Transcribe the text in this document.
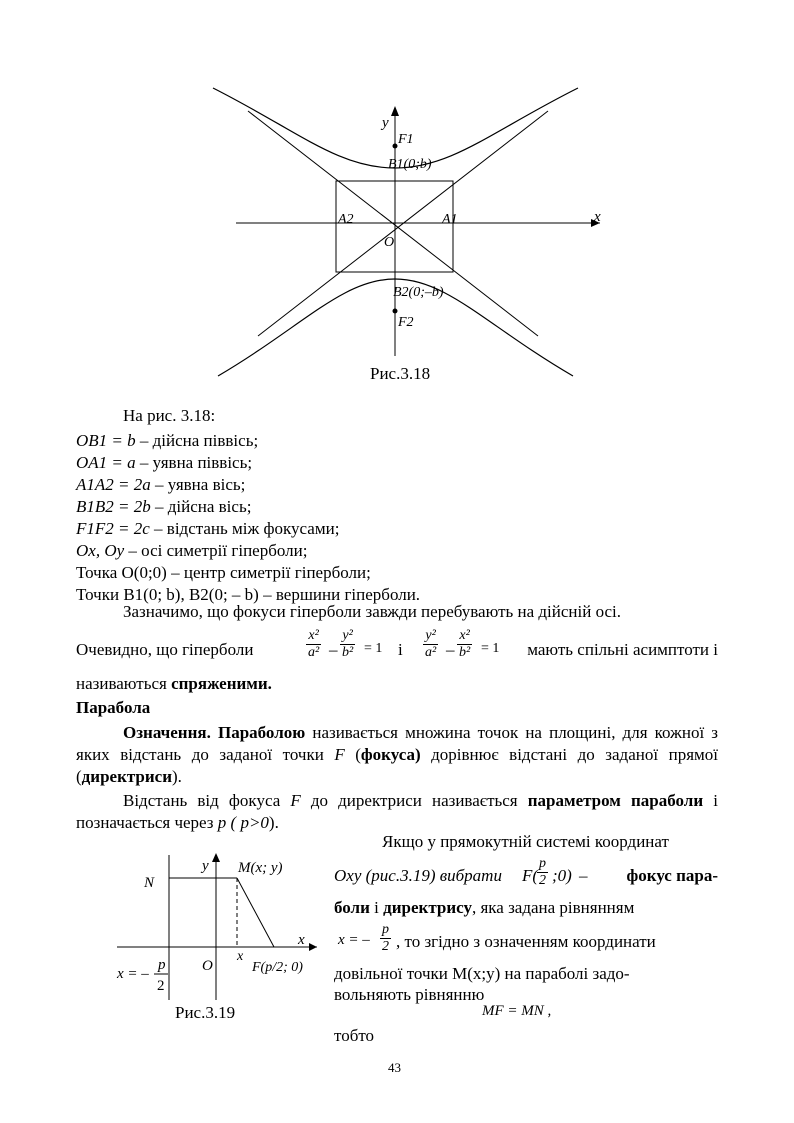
y
x
F1
B1(0;b)
A2	A1
O
B2(0;–b)
F2
Рис.3.18
На рис. 3.18:
OB1 = b – дійсна піввісь;
OA1 = a – уявна піввісь;
A1A2 = 2a – уявна вісь;
B1B2 = 2b – дійсна вісь;
F1F2 = 2c – відстань між фокусами;
Ox, Oy – осі симетрії гіперболи;
Точка O(0;0) – центр симетрії гіперболи;
Точки B1(0; b), B2(0; – b) – вершини гіперболи.
Зазначимо, що фокуси гіперболи завжди перебувають на дійсній осі.
Очевидно, що гіперболи	$\frac{\text{x²}}{\text{a²}} - \frac{\text{y²}}{\text{b²}} = 1$ і $\frac{\text{y²}}{\text{a²}} - \frac{\text{x²}}{\text{b²}} = 1$ мають спільні асимптоти і
називаються спряженими.
Парабола
Означення. Параболою називається множина точок на площині, для кожної з яких відстань до заданої точки F (фокуса) дорівнює відстані до заданої прямої (директриси).
Відстань від фокуса F до директриси називається параметром параболи і позначається через p ( p>0).
y M(x; y)
N
x
x
O	F(p/2; 0)
x = –
p
2
Рис.3.19
Якщо у прямокутній системі координат
Oxy (рис.3.19) вибрати F(
$\frac{p}{2}$ ;0) – фокус пара-
боли і директрису, яка задана рівнянням
x = – $\frac{p}{2}$ , то згідно з означенням координати
довільної точки M(x;y) на параболі задо-
вольняють рівнянню
MF = MN ,
тобто
43
